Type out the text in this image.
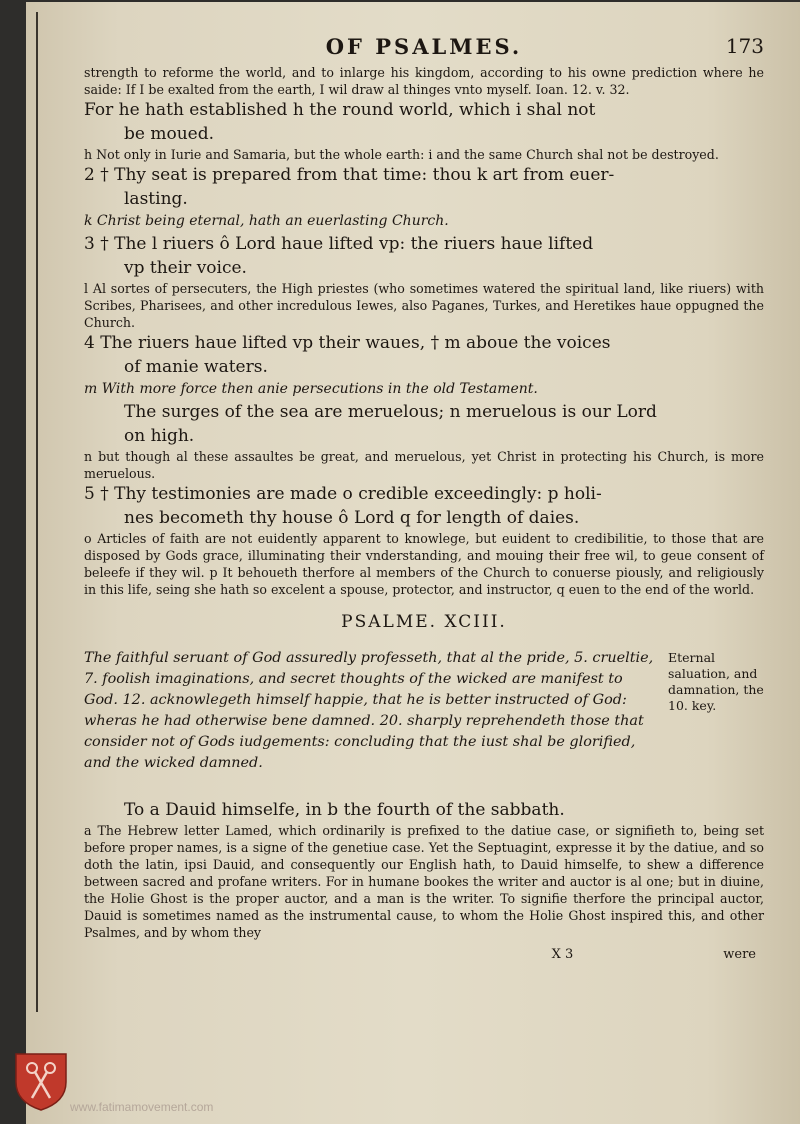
OF PSALMES.	173

strength to reforme the world, and to inlarge his kingdom, according to his owne prediction where he saide: If I be exalted from the earth, I wil draw al thinges vnto myself. Ioan. 12. v. 32.

For he hath established h the round world, which i shal not

be moued.

h Not only in Iurie and Samaria, but the whole earth: i and the same Church shal not be destroyed.

2 † Thy seat is prepared from that time: thou k art from euer-

lasting.

k Christ being eternal, hath an euerlasting Church.

3 † The l riuers ô Lord haue lifted vp: the riuers haue lifted

vp their voice.

l Al sortes of persecuters, the High priestes (who sometimes watered the spiritual land, like riuers) with Scribes, Pharisees, and other incredulous Iewes, also Paganes, Turkes, and Heretikes haue oppugned the Church.

4 The riuers haue lifted vp their waues, † m aboue the voices

of manie waters.

m With more force then anie persecutions in the old Testament.

The surges of the sea are meruelous; n meruelous is our Lord

on high.

n but though al these assaultes be great, and meruelous, yet Christ in protecting his Church, is more meruelous.

5 † Thy testimonies are made o credible exceedingly: p holi-

nes becometh thy house ô Lord q for length of daies.

o Articles of faith are not euidently apparent to knowlege, but euident to credibilitie, to those that are disposed by Gods grace, illuminating their vnderstanding, and mouing their free wil, to geue consent of beleefe if they wil. p It behoueth therfore al members of the Church to conuerse piously, and religiously in this life, seing she hath so excelent a spouse, protector, and instructor, q euen to the end of the world.

PSALME. XCIII.

The faithful seruant of God assuredly professeth, that al the pride, 5. crueltie, 7. foolish imaginations, and secret thoughts of the wicked are manifest to God. 12. acknowlegeth himself happie, that he is better instructed of God: wheras he had otherwise bene damned. 20. sharply reprehendeth those that consider not of Gods iudgements: concluding that the iust shal be glorified, and the wicked damned.

Eternal saluation, and damnation, the 10. key.

To a Dauid himselfe, in b the fourth of the sabbath.

a The Hebrew letter Lamed, which ordinarily is prefixed to the datiue case, or signifieth to, being set before proper names, is a signe of the genetiue case. Yet the Septuagint, expresse it by the datiue, and so doth the latin, ipsi Dauid, and consequently our English hath, to Dauid himselfe, to shew a difference between sacred and profane writers. For in humane bookes the writer and auctor is al one; but in diuine, the Holie Ghost is the proper auctor, and a man is the writer. To signifie therfore the principal auctor, Dauid is sometimes named as the instrumental cause, to whom the Holie Ghost inspired this, and other Psalmes, and by whom they

X 3	were
www.fatimamovement.com
